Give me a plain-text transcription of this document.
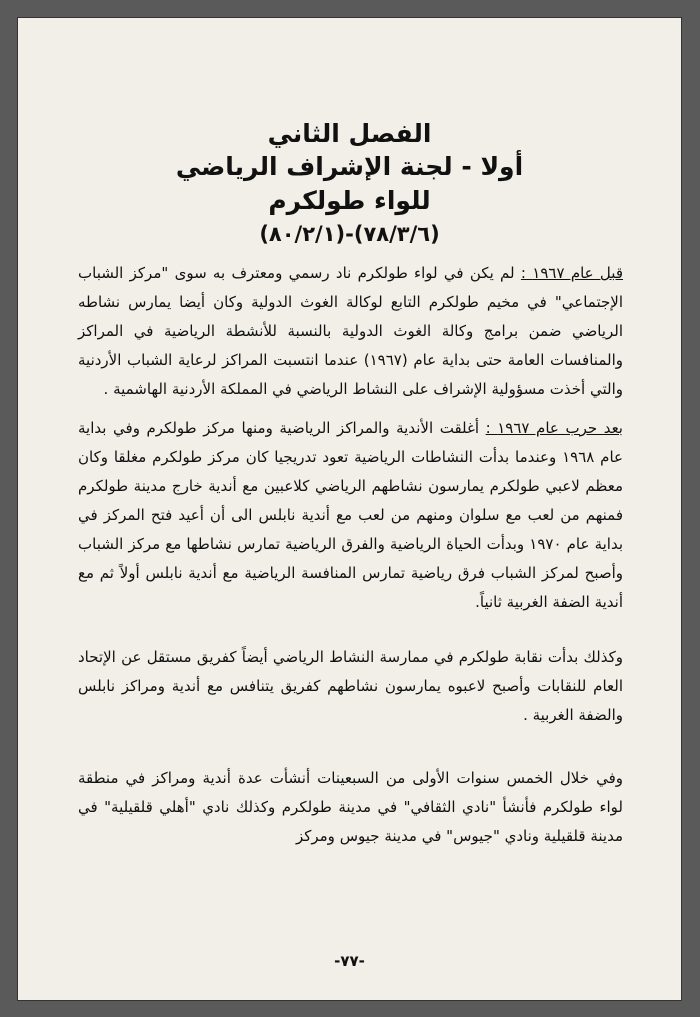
الفصل الثاني
أولا - لجنة الإشراف الرياضي
للواء طولكرم
(٧٨/٣/٦)-(٨٠/٢/١)

قبل عام ١٩٦٧ : لم يكن في لواء طولكرم ناد رسمي ومعترف به سوى "مركز الشباب الإجتماعي" في مخيم طولكرم التابع لوكالة الغوث الدولية وكان أيضا يمارس نشاطه الرياضي ضمن برامج وكالة الغوث الدولية بالنسبة للأنشطة الرياضية في المراكز والمنافسات العامة حتى بداية عام (١٩٦٧) عندما انتسبت المراكز لرعاية الشباب الأردنية والتي أخذت مسؤولية الإشراف على النشاط الرياضي في المملكة الأردنية الهاشمية .

بعد حرب عام ١٩٦٧ : أغلقت الأندية والمراكز الرياضية ومنها مركز طولكرم وفي بداية عام ١٩٦٨ وعندما بدأت النشاطات الرياضية تعود تدريجيا كان مركز طولكرم مغلقا وكان معظم لاعبي طولكرم يمارسون نشاطهم الرياضي كلاعبين مع أندية خارج مدينة طولكرم فمنهم من لعب مع سلوان ومنهم من لعب مع أندية نابلس الى أن أعيد فتح المركز في بداية عام ١٩٧٠ وبدأت الحياة الرياضية والفرق الرياضية تمارس نشاطها مع مركز الشباب وأصبح لمركز الشباب فرق رياضية تمارس المنافسة الرياضية مع أندية نابلس أولاً ثم مع أندية الضفة الغربية ثانياً.

وكذلك بدأت نقابة طولكرم في ممارسة النشاط الرياضي أيضاً كفريق مستقل عن الإتحاد العام للنقابات وأصبح لاعبوه يمارسون نشاطهم كفريق يتنافس مع أندية ومراكز نابلس والضفة الغربية .

وفي خلال الخمس سنوات الأولى من السبعينات أنشأت عدة أندية ومراكز في منطقة لواء طولكرم فأنشأ "نادي الثقافي" في مدينة طولكرم وكذلك نادي "أهلي قلقيلية" في مدينة قلقيلية ونادي "جيوس" في مدينة جيوس ومركز

-٧٧-
